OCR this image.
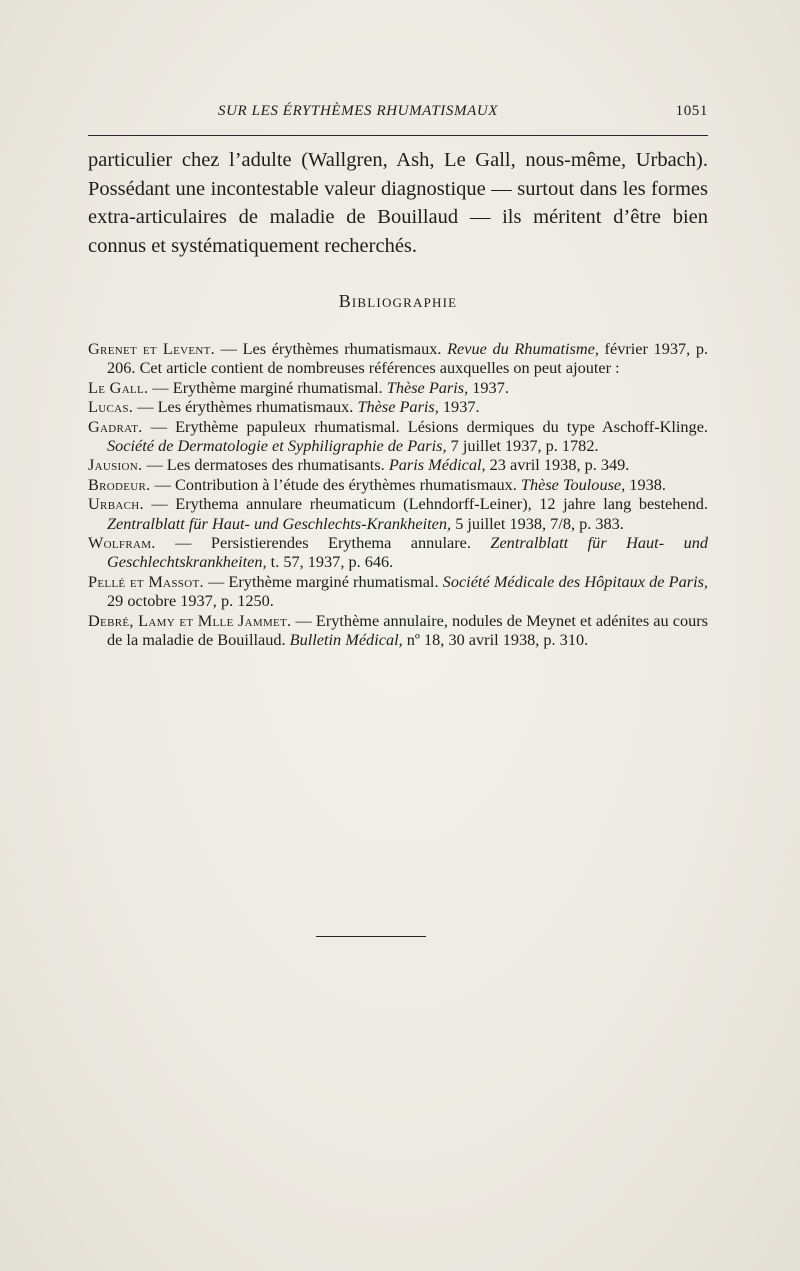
SUR LES ÉRYTHÈMES RHUMATISMAUX	1051

particulier chez l’adulte (Wallgren, Ash, Le Gall, nous-même, Urbach). Possédant une incontestable valeur diagnostique — surtout dans les formes extra-articulaires de maladie de Bouillaud — ils méritent d’être bien connus et systématiquement recherchés.

Bibliographie

Grenet et Levent. — Les érythèmes rhumatismaux. Revue du Rhumatisme, février 1937, p. 206. Cet article contient de nombreuses références auxquelles on peut ajouter :

Le Gall. — Erythème marginé rhumatismal. Thèse Paris, 1937.

Lucas. — Les érythèmes rhumatismaux. Thèse Paris, 1937.

Gadrat. — Erythème papuleux rhumatismal. Lésions dermiques du type Aschoff-Klinge. Société de Dermatologie et Syphiligraphie de Paris, 7 juillet 1937, p. 1782.

Jausion. — Les dermatoses des rhumatisants. Paris Médical, 23 avril 1938, p. 349.

Brodeur. — Contribution à l’étude des érythèmes rhumatismaux. Thèse Toulouse, 1938.

Urbach. — Erythema annulare rheumaticum (Lehndorff-Leiner), 12 jahre lang bestehend. Zentralblatt für Haut- und Geschlechts-Krankheiten, 5 juillet 1938, 7/8, p. 383.

Wolfram. — Persistierendes Erythema annulare. Zentralblatt für Haut- und Geschlechtskrankheiten, t. 57, 1937, p. 646.

Pellé et Massot. — Erythème marginé rhumatismal. Société Médicale des Hôpitaux de Paris, 29 octobre 1937, p. 1250.

Debré, Lamy et Mlle Jammet. — Erythème annulaire, nodules de Meynet et adénites au cours de la maladie de Bouillaud. Bulletin Médical, nº 18, 30 avril 1938, p. 310.
